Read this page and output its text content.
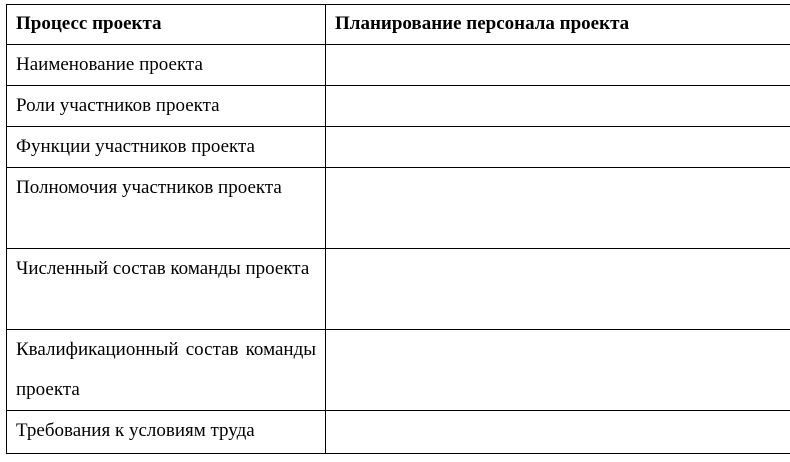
Процесс проекта	Планирование персонала проекта
Наименование проекта	
Роли участников проекта	
Функции участников проекта	
Полномочия участников проекта	
Численный состав команды проекта	
Квалификационный состав команды проекта	
Требования к условиям труда	
